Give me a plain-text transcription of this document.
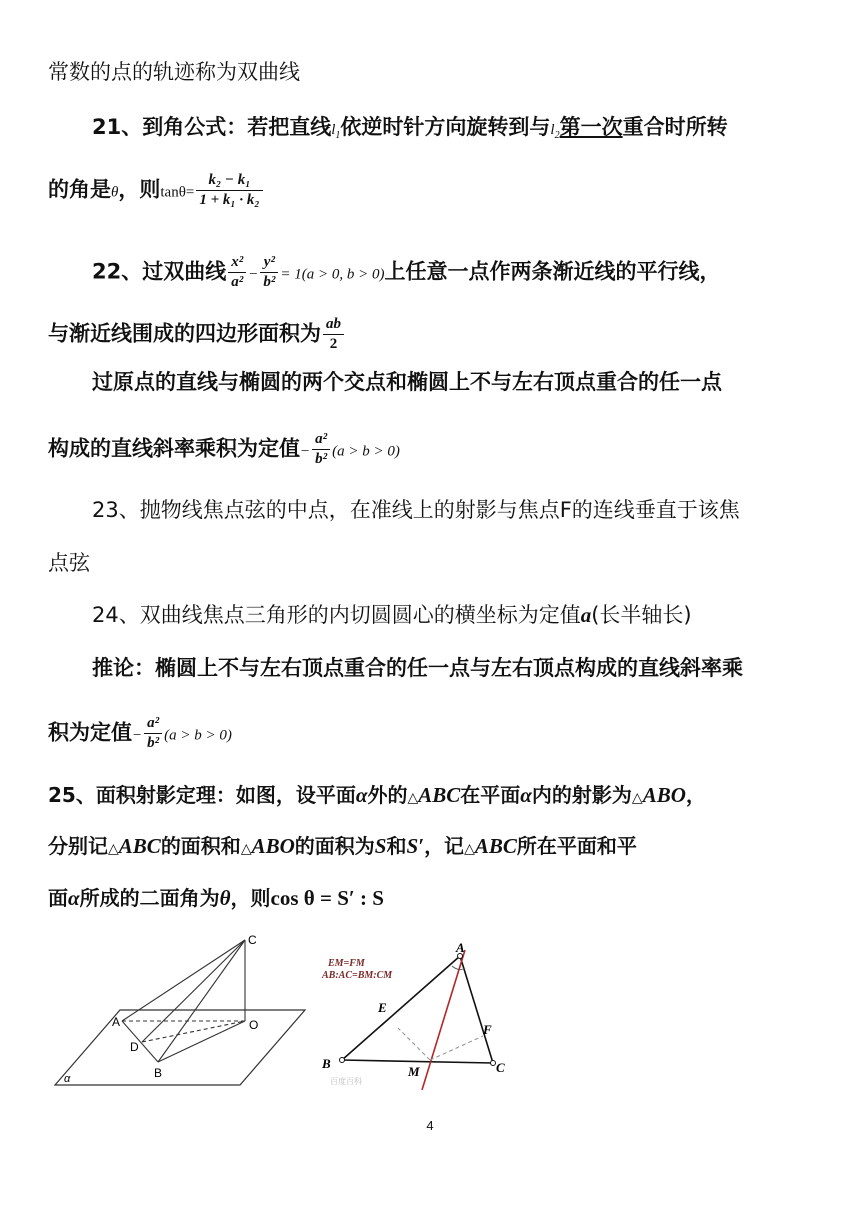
常数的点的轨迹称为双曲线
21、到角公式：若把直线$l_1$依逆时针方向旋转到与$l_2$第一次重合时所转
的角是θ，则$\tan\theta= \frac{\text{k₂ − k₁}}{\text{1 + k₁ · k₂}}$
22、过双曲线 $\frac{\text{x²}}{\text{a²}} - \frac{\text{y²}}{\text{b²}} = 1(a > 0$, b > 0)上任意一点作两条渐近线的平行线，
与渐近线围成的四边形面积为 $\frac{ab}{2}$
过原点的直线与椭圆的两个交点和椭圆上不与左右顶点重合的任一点
构成的直线斜率乘积为定值− $\frac{\text{a²}}{\text{b²}} (a > b > 0)$
23、抛物线焦点弦的中点，在准线上的射影与焦点F的连线垂直于该焦
点弦
24、双曲线焦点三角形的内切圆圆心的横坐标为定值a(长半轴长)
推论：椭圆上不与左右顶点重合的任一点与左右顶点构成的直线斜率乘
积为定值− $\frac{\text{a²}}{\text{b²}} (a > b > 0)$
25、面积射影定理：如图，设平面α外的△ABC在平面α内的射影为△ABO，
分别记△ABC的面积和△ABO的面积为S和S′，记△ABC所在平面和平
面α所成的二面角为θ，则cos θ = S′ : S
C
A	O
D
B
α
EM=FM
AB:AC=BM:CM
A
E
F
B
M	C
百度百科
4
